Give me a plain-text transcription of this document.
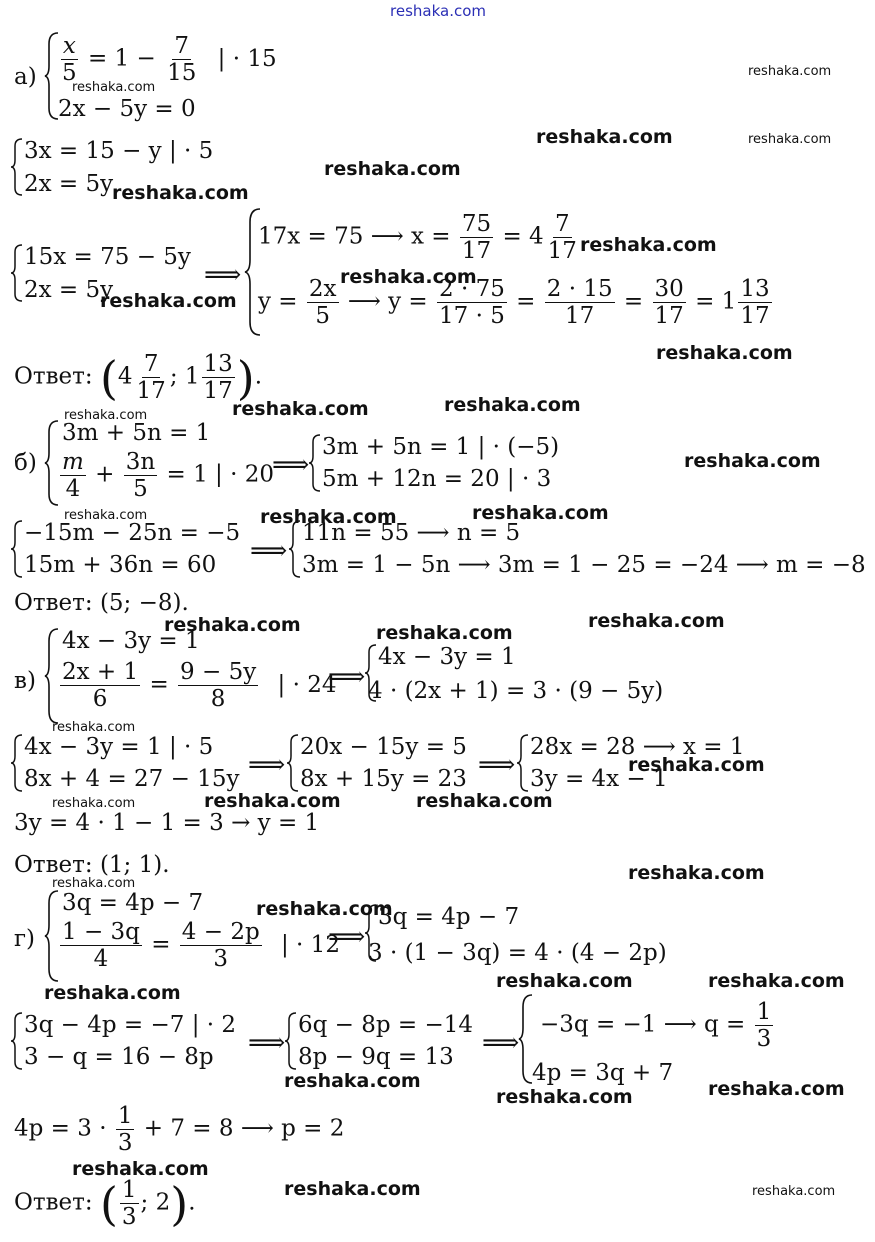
reshaka.com
$а) \frac{x}{5} = 1 - \frac{7}{15}$ | · 15
2x − 5y = 0
3x = 15 − y | · 5
2x = 5y
15x = 75 − 5y
2x = 5y	⟹
17x = 75 ⟶ $x = \frac{75}{17} = 4 \frac{7}{17}$
$y = \frac{2x}{5}$ ⟶ $y = \frac{2 \cdot 75}{17 \cdot 5} = \frac{2 \cdot 15}{17} = \frac{30}{17} = 1 \frac{13}{17}$
Ответ: ($4 \frac{7}{17}$ ; $1 \frac{13}{17}$ ).
б)
3m + 5n = 1
$\frac{m}{4} + \frac{3n}{5} = 1$ | · 20
⟹
3m + 5n = 1 | · (−5)
5m + 12n = 20 | · 3
−15m − 25n = −5
15m + 36n = 60 ⟹
11n = 55 ⟶ n = 5
3m = 1 − 5n ⟶ 3m = 1 − 25 = −24 ⟶ m = −8
Ответ: (5; −8).
в)
4x − 3y = 1
$\frac{2x + 1}{6} = \frac{9 - 5y}{8}$ | · 24
⟹
4x − 3y = 1
4 · (2x + 1) = 3 · (9 − 5y)
4x − 3y = 1 | · 5
8x + 4 = 27 − 15y ⟹
20x − 15y = 5
8x + 15y = 23 ⟹
28x = 28 ⟶ x = 1
3y = 4x − 1
3y = 4 · 1 − 1 = 3 → y = 1
Ответ: (1; 1).
г)
3q = 4p − 7
$\frac{1 - 3q}{4} = \frac{4 - 2p}{3}$ | · 12
⟹
3q = 4p − 7
3 · (1 − 3q) = 4 · (4 − 2p)
3q − 4p = −7 | · 2
3 − q = 16 − 8p ⟹
6q − 8p = −14
8p − 9q = 13 ⟹
−3q = −1 ⟶ $q = \frac{1}{3}$
4p = 3q + 7
$4p = 3 \cdot \frac{1}{3} + 7 = 8$ ⟶ p = 2
Ответ: ( $\frac{1}{3}$ ; 2).
reshaka.com
reshaka.com
reshaka.com	reshaka.com
reshaka.com
reshaka.com
reshaka.com
reshaka.com
reshaka.com
reshaka.com
reshaka.com
reshaka.com
reshaka.com
reshaka.com
reshaka.com
reshaka.com
reshaka.com
reshaka.com
reshaka.com	reshaka.com
reshaka.com
reshaka.com
reshaka.com	reshaka.com
reshaka.com
reshaka.com
reshaka.com
reshaka.com
reshaka.com	reshaka.com
reshaka.com
reshaka.com	reshaka.com
reshaka.com
reshaka.com
reshaka.com	reshaka.com
